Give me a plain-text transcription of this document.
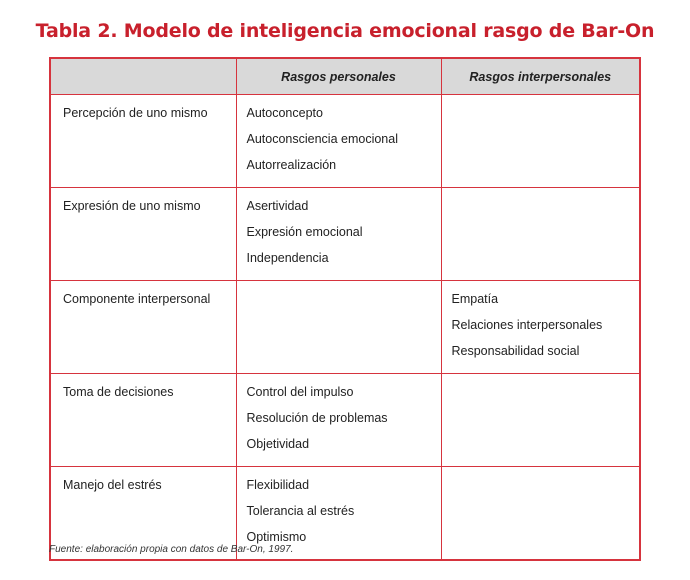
Tabla 2. Modelo de inteligencia emocional rasgo de Bar-On
	Rasgos personales	Rasgos interpersonales
Percepción de uno mismo	Autoconcepto
Autoconsciencia emocional
Autorrealización	

Expresión de uno mismo	Asertividad
Expresión emocional
Independencia	

Componente interpersonal		Empatía
Relaciones interpersonales
Responsabilidad social

Toma de decisiones	Control del impulso
Resolución de problemas
Objetividad	

Manejo del estrés	Flexibilidad
Tolerancia al estrés
Optimismo	

Fuente: elaboración propia con datos de Bar-On, 1997.
